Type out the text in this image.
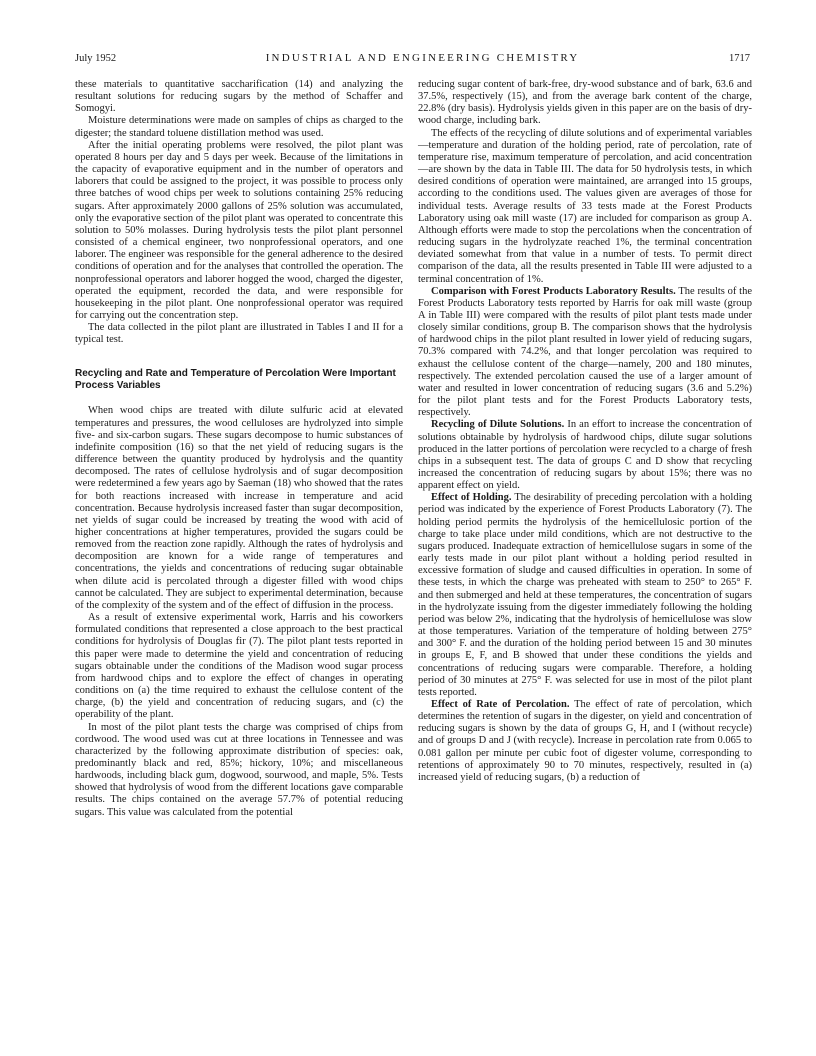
July 1952	INDUSTRIAL AND ENGINEERING CHEMISTRY	1717

these materials to quantitative saccharification (14) and analyzing the resultant solutions for reducing sugars by the method of Schaffer and Somogyi.

Moisture determinations were made on samples of chips as charged to the digester; the standard toluene distillation method was used.

After the initial operating problems were resolved, the pilot plant was operated 8 hours per day and 5 days per week. Because of the limitations in the capacity of evaporative equipment and in the number of operators and laborers that could be assigned to the project, it was possible to process only three batches of wood chips per week to solutions containing 25% reducing sugars. After approximately 2000 gallons of 25% solution was accumulated, only the evaporative section of the pilot plant was operated to concentrate this solution to 50% molasses. During hydrolysis tests the pilot plant personnel consisted of a chemical engineer, two nonprofessional operators, and one laborer. The engineer was responsible for the general adherence to the desired conditions of operation and for the analyses that controlled the operation. The nonprofessional operators and laborer hogged the wood, charged the digester, operated the equipment, recorded the data, and were responsible for housekeeping in the pilot plant. One nonprofessional operator was required for carrying out the concentration step.

The data collected in the pilot plant are illustrated in Tables I and II for a typical test.

Recycling and Rate and Temperature of Percolation Were Important Process Variables

When wood chips are treated with dilute sulfuric acid at elevated temperatures and pressures, the wood celluloses are hydrolyzed into simple five- and six-carbon sugars. These sugars decompose to humic substances of indefinite composition (16) so that the net yield of reducing sugars is the difference between the quantity produced by hydrolysis and the quantity decomposed. The rates of cellulose hydrolysis and of sugar decomposition were redetermined a few years ago by Saeman (18) who showed that the rates for both reactions increased with increase in temperature and acid concentration. Because hydrolysis increased faster than sugar decomposition, net yields of sugar could be increased by treating the wood with acid of higher concentrations at higher temperatures, provided the sugars could be removed from the reaction zone rapidly. Although the rates of hydrolysis and decomposition are known for a wide range of temperatures and concentrations, the yields and concentrations of reducing sugar obtainable when dilute acid is percolated through a digester filled with wood chips cannot be calculated. They are subject to experimental determination, because of the complexity of the system and of the effect of diffusion in the process.

As a result of extensive experimental work, Harris and his coworkers formulated conditions that represented a close approach to the best practical conditions for hydrolysis of Douglas fir (7). The pilot plant tests reported in this paper were made to determine the yield and concentration of reducing sugars obtainable under the conditions of the Madison wood sugar process from hardwood chips and to explore the effect of changes in operating conditions on (a) the time required to exhaust the cellulose content of the charge, (b) the yield and concentration of reducing sugars, and (c) the operability of the plant.

In most of the pilot plant tests the charge was comprised of chips from cordwood. The wood used was cut at three locations in Tennessee and was characterized by the following approximate distribution of species: oak, predominantly black and red, 85%; hickory, 10%; and miscellaneous hardwoods, including black gum, dogwood, sourwood, and maple, 5%. Tests showed that hydrolysis of wood from the different locations gave comparable results. The chips contained on the average 57.7% of potential reducing sugars. This value was calculated from the potential

reducing sugar content of bark-free, dry-wood substance and of bark, 63.6 and 37.5%, respectively (15), and from the average bark content of the charge, 22.8% (dry basis). Hydrolysis yields given in this paper are on the basis of dry-wood charge, including bark.

The effects of the recycling of dilute solutions and of experimental variables—temperature and duration of the holding period, rate of percolation, rate of temperature rise, maximum temperature of percolation, and acid concentration—are shown by the data in Table III. The data for 50 hydrolysis tests, in which desired conditions of operation were maintained, are arranged into 15 groups, according to the conditions used. The values given are averages of those for individual tests. Average results of 33 tests made at the Forest Products Laboratory using oak mill waste (17) are included for comparison as group A. Although efforts were made to stop the percolations when the concentration of reducing sugars in the hydrolyzate reached 1%, the terminal concentration deviated somewhat from that value in a number of tests. To permit direct comparison of the data, all the results presented in Table III were adjusted to a terminal concentration of 1%.

Comparison with Forest Products Laboratory Results. The results of the Forest Products Laboratory tests reported by Harris for oak mill waste (group A in Table III) were compared with the results of pilot plant tests made under closely similar conditions, group B. The comparison shows that the hydrolysis of hardwood chips in the pilot plant resulted in lower yield of reducing sugars, 70.3% compared with 74.2%, and that longer percolation was required to exhaust the cellulose content of the charge—namely, 200 and 180 minutes, respectively. The extended percolation caused the use of a larger amount of water and resulted in lower concentration of reducing sugars (3.6 and 5.2%) for the pilot plant tests and for the Forest Products Laboratory tests, respectively.

Recycling of Dilute Solutions. In an effort to increase the concentration of solutions obtainable by hydrolysis of hardwood chips, dilute sugar solutions produced in the latter portions of percolation were recycled to a charge of fresh chips in a subsequent test. The data of groups C and D show that recycling increased the concentration of reducing sugars by about 15%; there was no apparent effect on yield.

Effect of Holding. The desirability of preceding percolation with a holding period was indicated by the experience of Forest Products Laboratory (7). The holding period permits the hydrolysis of the hemicellulosic portion of the charge to take place under mild conditions, which are not destructive to the sugars produced. Inadequate extraction of hemicellulose sugars in some of the early tests made in our pilot plant without a holding period resulted in excessive formation of sludge and caused difficulties in operation. In some of these tests, in which the charge was preheated with steam to 250° to 265° F. and then submerged and held at these temperatures, the concentration of sugars in the hydrolyzate issuing from the digester immediately following the holding period was below 2%, indicating that the hydrolysis of hemicellulose was slow at those temperatures. Variation of the temperature of holding between 275° and 300° F. and the duration of the holding period between 15 and 30 minutes in groups E, F, and B showed that under these conditions the yields and concentrations of reducing sugars were comparable. Therefore, a holding period of 30 minutes at 275° F. was selected for use in most of the pilot plant tests reported.

Effect of Rate of Percolation. The effect of rate of percolation, which determines the retention of sugars in the digester, on yield and concentration of reducing sugars is shown by the data of groups G, H, and I (without recycle) and of groups D and J (with recycle). Increase in percolation rate from 0.065 to 0.081 gallon per minute per cubic foot of digester volume, corresponding to retentions of approximately 90 to 70 minutes, respectively, resulted in (a) increased yield of reducing sugars, (b) a reduction of
